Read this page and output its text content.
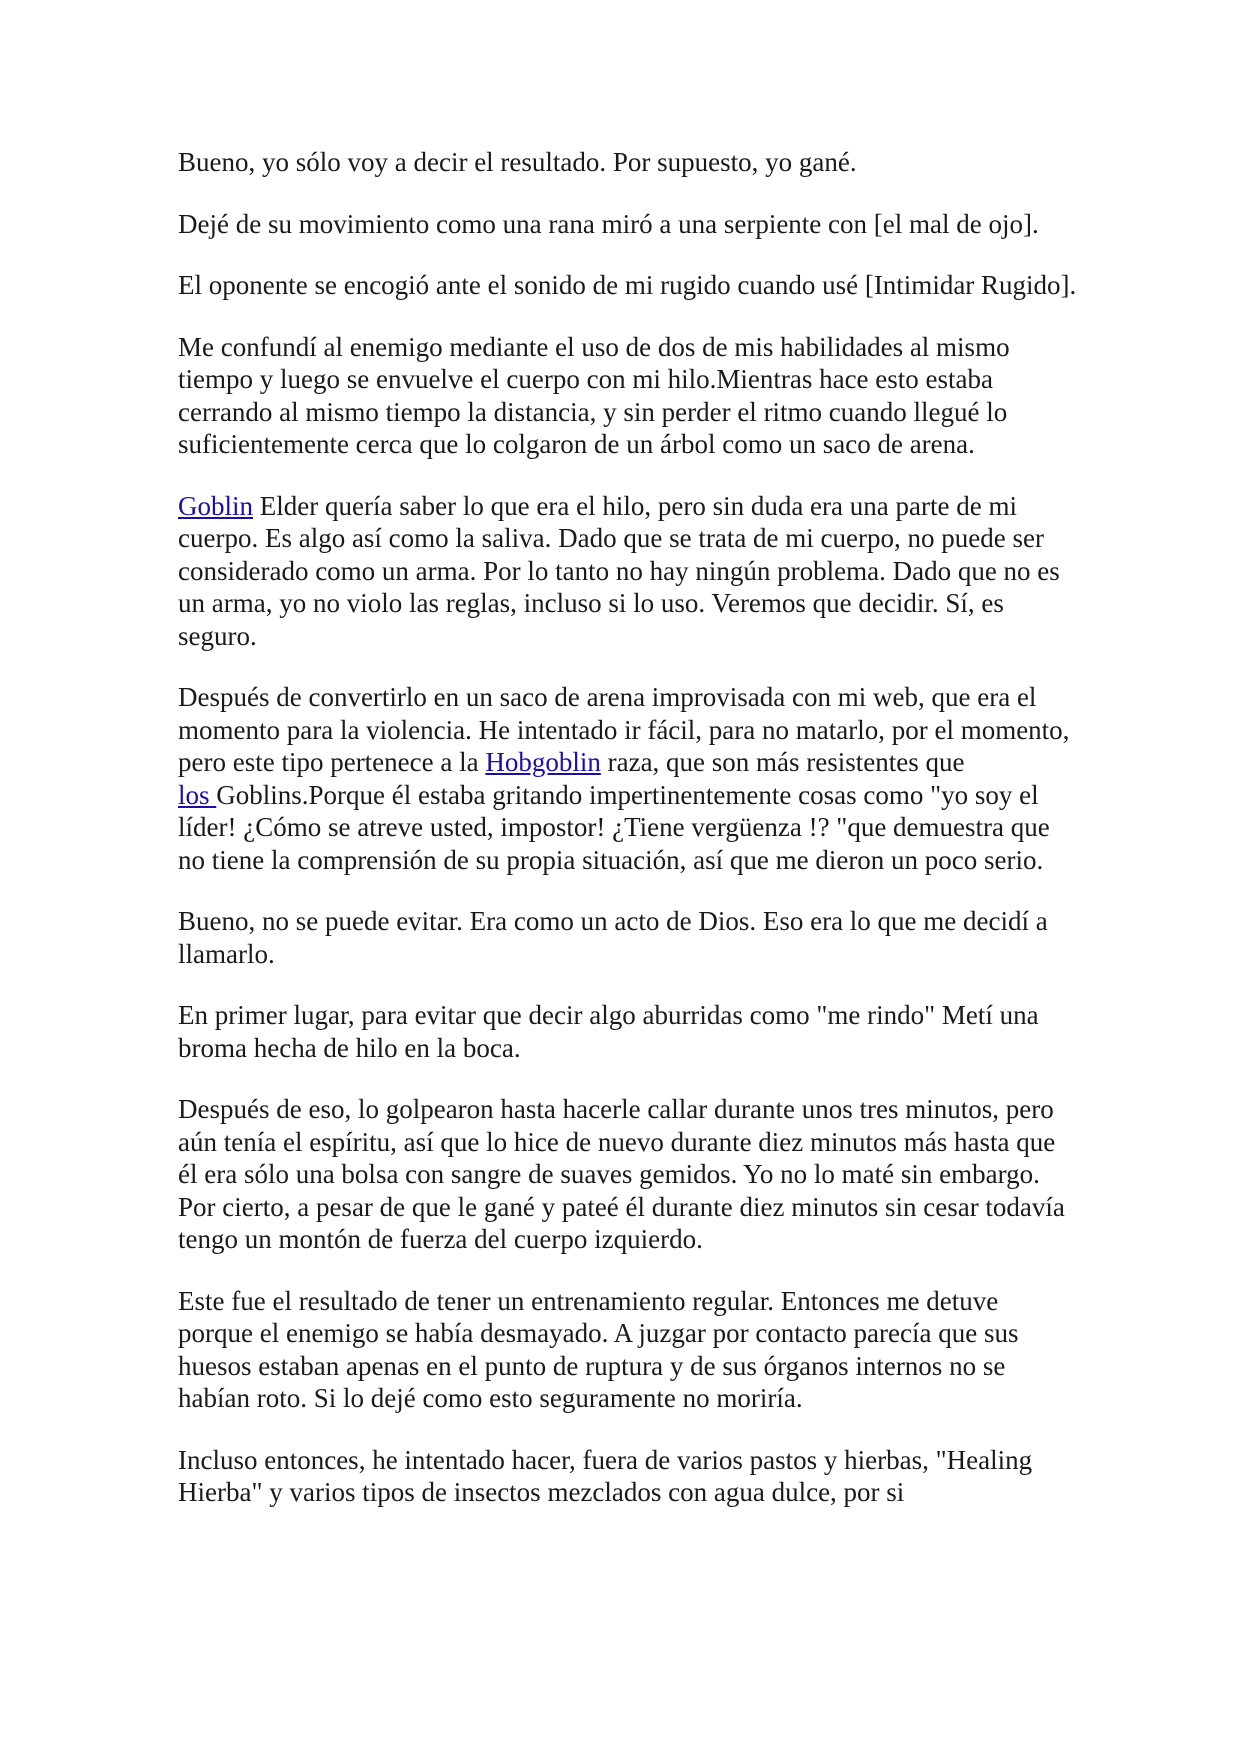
Bueno, yo sólo voy a decir el resultado. Por supuesto, yo gané.

Dejé de su movimiento como una rana miró a una serpiente con [el mal de ojo].

El oponente se encogió ante el sonido de mi rugido cuando usé [Intimidar Rugido].

Me confundí al enemigo mediante el uso de dos de mis habilidades al mismo tiempo y luego se envuelve el cuerpo con mi hilo.Mientras hace esto estaba cerrando al mismo tiempo la distancia, y sin perder el ritmo cuando llegué lo suficientemente cerca que lo colgaron de un árbol como un saco de arena.

Goblin Elder quería saber lo que era el hilo, pero sin duda era una parte de mi cuerpo. Es algo así como la saliva. Dado que se trata de mi cuerpo, no puede ser considerado como un arma. Por lo tanto no hay ningún problema. Dado que no es un arma, yo no violo las reglas, incluso si lo uso. Veremos que decidir. Sí, es seguro.

Después de convertirlo en un saco de arena improvisada con mi web, que era el momento para la violencia. He intentado ir fácil, para no matarlo, por el momento, pero este tipo pertenece a la Hobgoblin raza, que son más resistentes que los Goblins.Porque él estaba gritando impertinentemente cosas como "yo soy el líder! ¿Cómo se atreve usted, impostor! ¿Tiene vergüenza !? "que demuestra que no tiene la comprensión de su propia situación, así que me dieron un poco serio.

Bueno, no se puede evitar. Era como un acto de Dios. Eso era lo que me decidí a llamarlo.

En primer lugar, para evitar que decir algo aburridas como "me rindo" Metí una broma hecha de hilo en la boca.

Después de eso, lo golpearon hasta hacerle callar durante unos tres minutos, pero aún tenía el espíritu, así que lo hice de nuevo durante diez minutos más hasta que él era sólo una bolsa con sangre de suaves gemidos. Yo no lo maté sin embargo. Por cierto, a pesar de que le gané y pateé él durante diez minutos sin cesar todavía tengo un montón de fuerza del cuerpo izquierdo.

Este fue el resultado de tener un entrenamiento regular. Entonces me detuve porque el enemigo se había desmayado. A juzgar por contacto parecía que sus huesos estaban apenas en el punto de ruptura y de sus órganos internos no se habían roto. Si lo dejé como esto seguramente no moriría.

Incluso entonces, he intentado hacer, fuera de varios pastos y hierbas, "Healing Hierba" y varios tipos de insectos mezclados con agua dulce, por si
